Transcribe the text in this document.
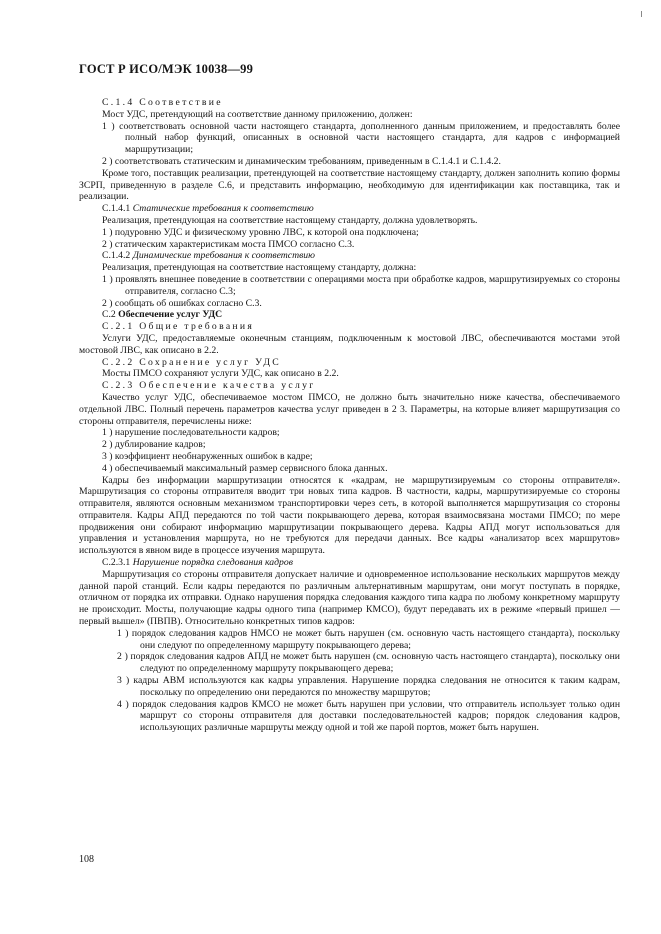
ГОСТ Р ИСО/МЭК 10038—99
С.1.4 Соответствие
Мост УДС, претендующий на соответствие данному приложению, должен:
1 ) соответствовать основной части настоящего стандарта, дополненного данным приложением, и предоставлять более полный набор функций, описанных в основной части настоящего стандарта, для кадров с информацией маршрутизации;
2 ) соответствовать статическим и динамическим требованиям, приведенным в С.1.4.1 и С.1.4.2.
Кроме того, поставщик реализации, претендующей на соответствие настоящему стандарту, должен заполнить копию формы ЗСРП, приведенную в разделе С.6, и представить информацию, необходимую для идентификации как поставщика, так и реализации.
С.1.4.1 Статические требования к соответствию
Реализация, претендующая на соответствие настоящему стандарту, должна удовлетворять.
1 ) подуровню УДС и физическому уровню ЛВС, к которой она подключена;
2 ) статическим характеристикам моста ПМСО согласно С.3.
С.1.4.2 Динамические требования к соответствию
Реализация, претендующая на соответствие настоящему стандарту, должна:
1 ) проявлять внешнее поведение в соответствии с операциями моста при обработке кадров, маршрутизируемых со стороны отправителя, согласно С.3;
2 ) сообщать об ошибках согласно С.3.
С.2 Обеспечение услуг УДС
С.2.1 Общие требования
Услуги УДС, предоставляемые оконечным станциям, подключенным к мостовой ЛВС, обеспечиваются мостами этой мостовой ЛВС, как описано в 2.2.
С.2.2 Сохранение услуг УДС
Мосты ПМСО сохраняют услуги УДС, как описано в 2.2.
С.2.3 Обеспечение качества услуг
Качество услуг УДС, обеспечиваемое мостом ПМСО, не должно быть значительно ниже качества, обеспечиваемого отдельной ЛВС. Полный перечень параметров качества услуг приведен в 2 3. Параметры, на которые влияет маршрутизация со стороны отправителя, перечислены ниже:
1 ) нарушение последовательности кадров;
2 ) дублирование кадров;
3 ) коэффициент необнаруженных ошибок в кадре;
4 ) обеспечиваемый максимальный размер сервисного блока данных.
Кадры без информации маршрутизации относятся к «кадрам, не маршрутизируемым со стороны отправителя». Маршрутизация со стороны отправителя вводит три новых типа кадров. В частности, кадры, маршрутизируемые со стороны отправителя, являются основным механизмом транспортировки через сеть, в которой выполняется маршрутизация со стороны отправителя. Кадры АПД передаются по той части покрывающего дерева, которая взаимосвязана мостами ПМСО; по мере продвижения они собирают информацию маршрутизации покрывающего дерева. Кадры АПД могут использоваться для управления и установления маршрута, но не требуются для передачи данных. Все кадры «анализатор всех маршрутов» используются в явном виде в процессе изучения маршрута.
С.2.3.1 Нарушение порядка следования кадров
Маршрутизация со стороны отправителя допускает наличие и одновременное использование нескольких маршрутов между данной парой станций. Если кадры передаются по различным альтернативным маршрутам, они могут поступать в порядке, отличном от порядка их отправки. Однако нарушения порядка следования каждого типа кадра по любому конкретному маршруту не происходит. Мосты, получающие кадры одного типа (например КМСО), будут передавать их в режиме «первый пришел — первый вышел» (ПВПВ). Относительно конкретных типов кадров:
1 ) порядок следования кадров НМСО не может быть нарушен (см. основную часть настоящего стандарта), поскольку они следуют по определенному маршруту покрывающего дерева;
2 ) порядок следования кадров АПД не может быть нарушен (см. основную часть настоящего стандарта), поскольку они следуют по определенному маршруту покрывающего дерева;
3 ) кадры АВМ используются как кадры управления. Нарушение порядка следования не относится к таким кадрам, поскольку по определению они передаются по множеству маршрутов;
4 ) порядок следования кадров КМСО не может быть нарушен при условии, что отправитель использует только один маршрут со стороны отправителя для доставки последовательностей кадров; порядок следования кадров, использующих различные маршруты между одной и той же парой портов, может быть нарушен.
108
